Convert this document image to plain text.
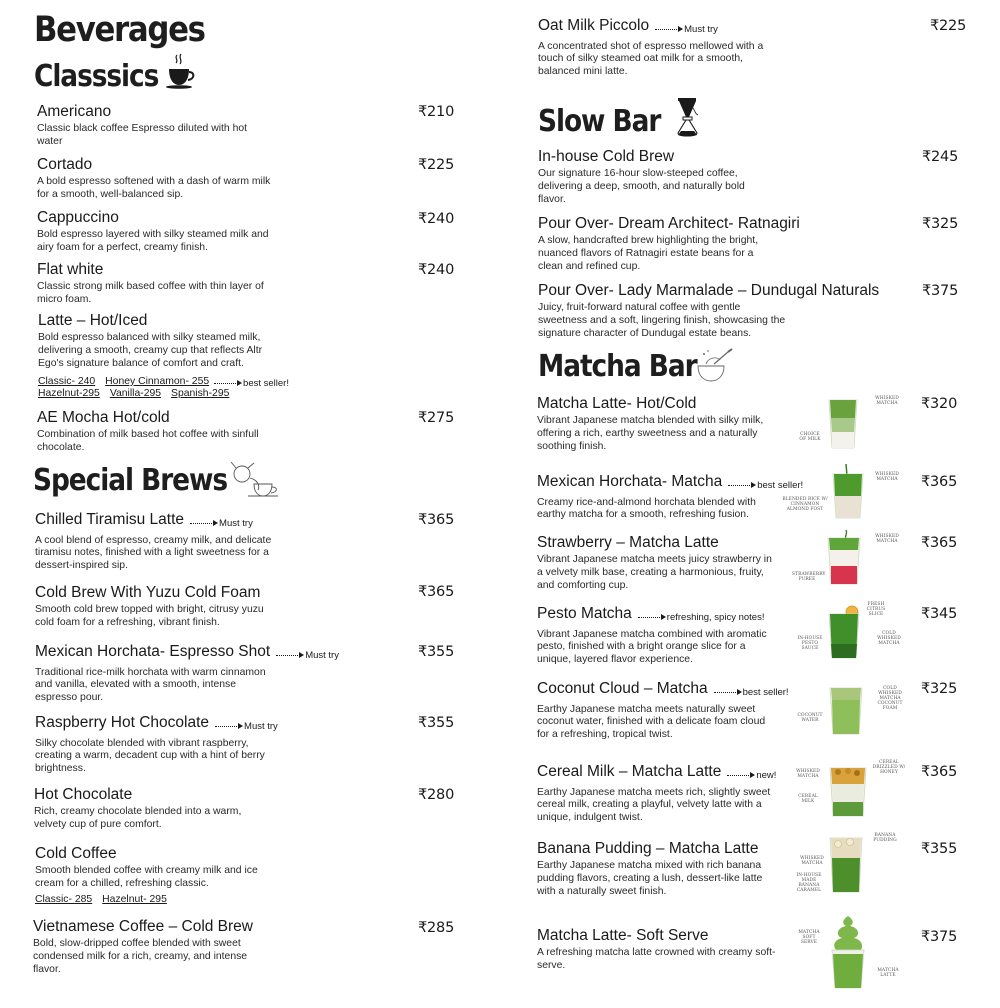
Beverages
Classsics
Americano
Classic black coffee Espresso diluted with hot water
₹210
Cortado
A bold espresso softened with a dash of warm milk for a smooth, well-balanced sip.
₹225
Cappuccino
Bold espresso layered with silky steamed milk and airy foam for a perfect, creamy finish.
₹240
Flat white
Classic strong milk based coffee with thin layer of micro foam.
₹240
Latte – Hot/Iced
Bold espresso balanced with silky steamed milk, delivering a smooth, creamy cup that reflects Altr Ego's signature balance of comfort and craft.
Classic- 240 Honey Cinnamon- 255	best seller!
Hazelnut-295 Vanilla-295 Spanish-295
AE Mocha Hot/cold
Combination of milk based hot coffee with sinfull chocolate.
₹275
Special Brews
Chilled Tiramisu Latte	Must try
A cool blend of espresso, creamy milk, and delicate tiramisu notes, finished with a light sweetness for a dessert-inspired sip.
₹365
Cold Brew With Yuzu Cold Foam
Smooth cold brew topped with bright, citrusy yuzu cold foam for a refreshing, vibrant finish.
₹365
Mexican Horchata- Espresso Shot	Must try
Traditional rice-milk horchata with warm cinnamon and vanilla, elevated with a smooth, intense espresso pour.
₹355
Raspberry Hot Chocolate	Must try
Silky chocolate blended with vibrant raspberry, creating a warm, decadent cup with a hint of berry brightness.
₹355
Hot Chocolate
Rich, creamy chocolate blended into a warm, velvety cup of pure comfort.
₹280
Cold Coffee
Smooth blended coffee with creamy milk and ice cream for a chilled, refreshing classic.
Classic- 285 Hazelnut- 295
Vietnamese Coffee – Cold Brew
Bold, slow-dripped coffee blended with sweet condensed milk for a rich, creamy, and intense flavor.
₹285
Oat Milk Piccolo	Must try
A concentrated shot of espresso mellowed with a touch of silky steamed oat milk for a smooth, balanced mini latte.
₹225
Slow Bar
In-house Cold Brew
Our signature 16-hour slow-steeped coffee, delivering a deep, smooth, and naturally bold flavor.
₹245
Pour Over- Dream Architect- Ratnagiri
A slow, handcrafted brew highlighting the bright, nuanced flavors of Ratnagiri estate beans for a clean and refined cup.
₹325
Pour Over- Lady Marmalade – Dundugal Naturals
Juicy, fruit-forward natural coffee with gentle sweetness and a soft, lingering finish, showcasing the signature character of Dundugal estate beans.
₹375
Matcha Bar
Matcha Latte- Hot/Cold
Vibrant Japanese matcha blended with silky milk, offering a rich, earthy sweetness and a naturally soothing finish.
₹320
WHISKED MATCHA
CHOICE OF MILK
Mexican Horchata- Matcha	best seller!
Creamy rice-and-almond horchata blended with earthy matcha for a smooth, refreshing fusion.
₹365
WHISKED MATCHA
BLENDED RICE W/ CINNAMON ALMOND FOST
Strawberry – Matcha Latte
Vibrant Japanese matcha meets juicy strawberry in a velvety milk base, creating a harmonious, fruity, and comforting cup.
₹365
WHISKED MATCHA
STRAWBERRY PUREE
Pesto Matcha	refreshing, spicy notes!
Vibrant Japanese matcha combined with aromatic pesto, finished with a bright orange slice for a unique, layered flavor experience.
₹345
FRESH CITRUS SLICE
IN-HOUSE PESTO SAUCE
COLD WHISKED MATCHA
Coconut Cloud – Matcha	best seller!
Earthy Japanese matcha meets naturally sweet coconut water, finished with a delicate foam cloud for a refreshing, tropical twist.
₹325
COLD WHISKED MATCHA COCONUT FOAM
COCONUT WATER
Cereal Milk – Matcha Latte	new!
Earthy Japanese matcha meets rich, slightly sweet cereal milk, creating a playful, velvety latte with a unique, indulgent twist.
₹365
CEREAL DRIZZLED W/ HONEY
WHISKED MATCHA
CEREAL MILK
Banana Pudding – Matcha Latte
Earthy Japanese matcha mixed with rich banana pudding flavors, creating a lush, dessert-like latte with a naturally sweet finish.
₹355
BANANA PUDDING
WHISKED MATCHA
IN-HOUSE MADE BANANA CARAMEL
Matcha Latte- Soft Serve
A refreshing matcha latte crowned with creamy soft-serve.
₹375
MATCHA SOFT SERVE
MATCHA LATTE
